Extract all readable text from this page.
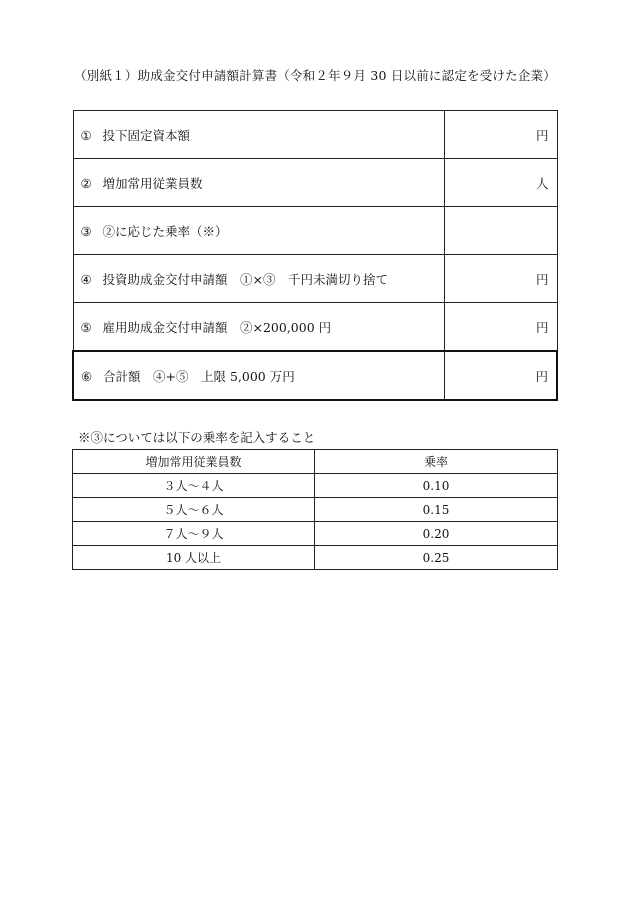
（別紙１）助成金交付申請額計算書（令和２年９月 30 日以前に認定を受けた企業）
① 投下固定資本額	円
② 増加常用従業員数	人
③ ②に応じた乗率（※）	
④ 投資助成金交付申請額　①×③　千円未満切り捨て	円
⑤ 雇用助成金交付申請額　②×200,000 円	円
⑥ 合計額　④+⑤　上限 5,000 万円	円
※③については以下の乗率を記入すること
増加常用従業員数	乗率
３人～４人	0.10
５人～６人	0.15
７人～９人	0.20
10 人以上	0.25
